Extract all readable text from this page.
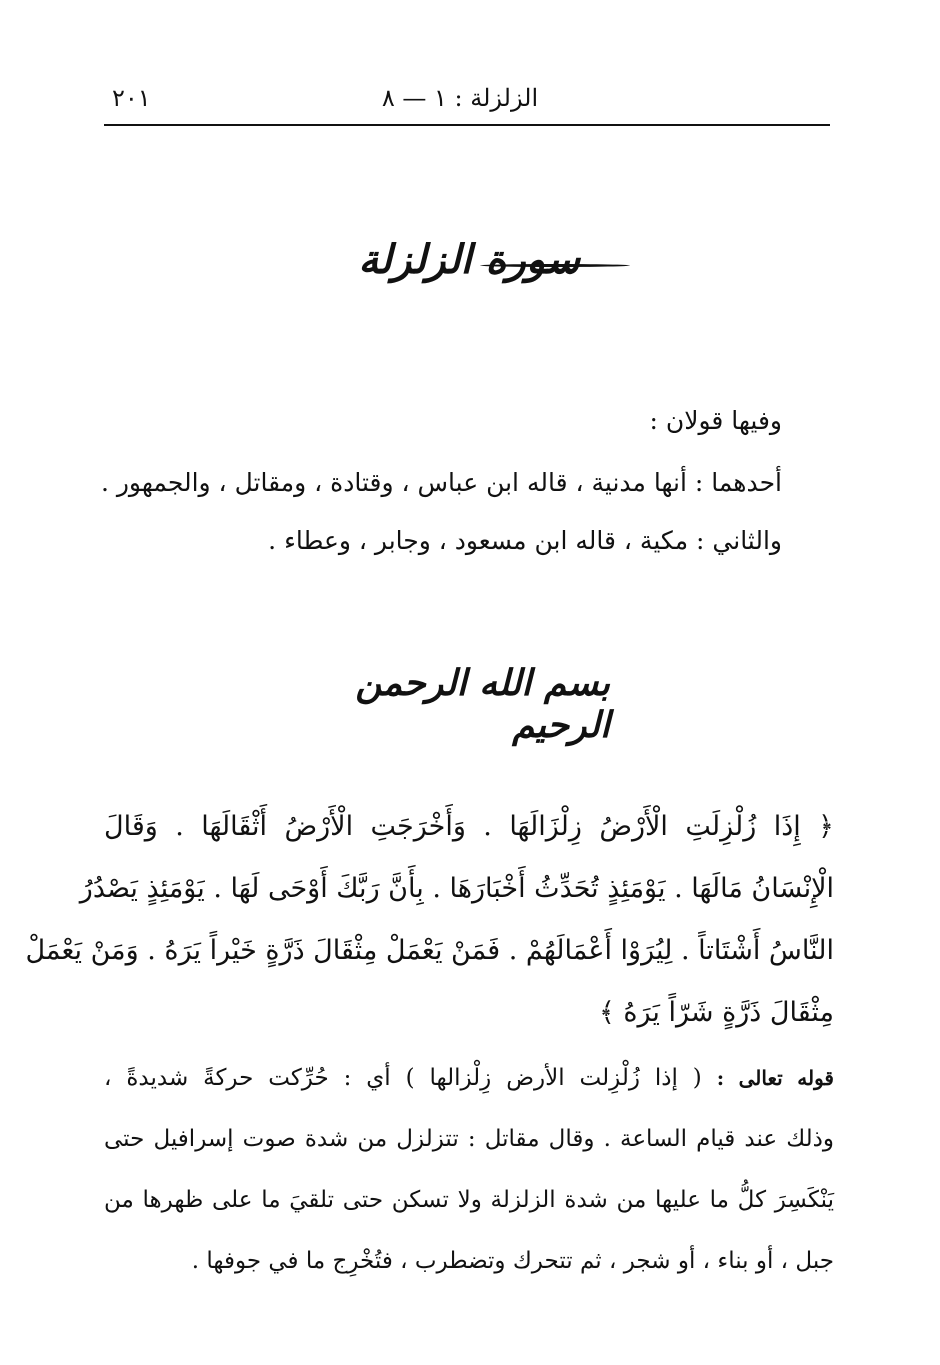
الزلزلة : ١ — ٨
٢٠١
سورة الزلزلة
وفيها قولان :
أحدهما : أنها مدنية ، قاله ابن عباس ، وقتادة ، ومقاتل ، والجمهور .
والثاني : مكية ، قاله ابن مسعود ، وجابر ، وعطاء .
بسم الله الرحمن الرحيم
﴿ إِذَا زُلْزِلَتِ الْأَرْضُ زِلْزَالَهَا . وَأَخْرَجَتِ الْأَرْضُ أَثْقَالَهَا . وَقَالَ
الْإِنْسَانُ مَالَهَا . يَوْمَئِذٍ تُحَدِّثُ أَخْبَارَهَا . بِأَنَّ رَبَّكَ أَوْحَى لَهَا . يَوْمَئِذٍ يَصْدُرُ
النَّاسُ أَشْتَاتاً . لِيُرَوْا أَعْمَالَهُمْ . فَمَنْ يَعْمَلْ مِثْقَالَ ذَرَّةٍ خَيْراً يَرَهُ . وَمَنْ يَعْمَلْ
مِثْقَالَ ذَرَّةٍ شَرّاً يَرَهُ ﴾
قوله تعالى : ( إذا زُلْزِلت الأرض زِلْزالها ) أي : حُرِّكت حركةً شديدةً ،
وذلك عند قيام الساعة . وقال مقاتل : تتزلزل من شدة صوت إسرافيل حتى
يَنْكَسِرَ كلُّ ما عليها من شدة الزلزلة ولا تسكن حتى تلقيَ ما على ظهرها من
جبل ، أو بناء ، أو شجر ، ثم تتحرك وتضطرب ، فتُخْرِج ما في جوفها .
